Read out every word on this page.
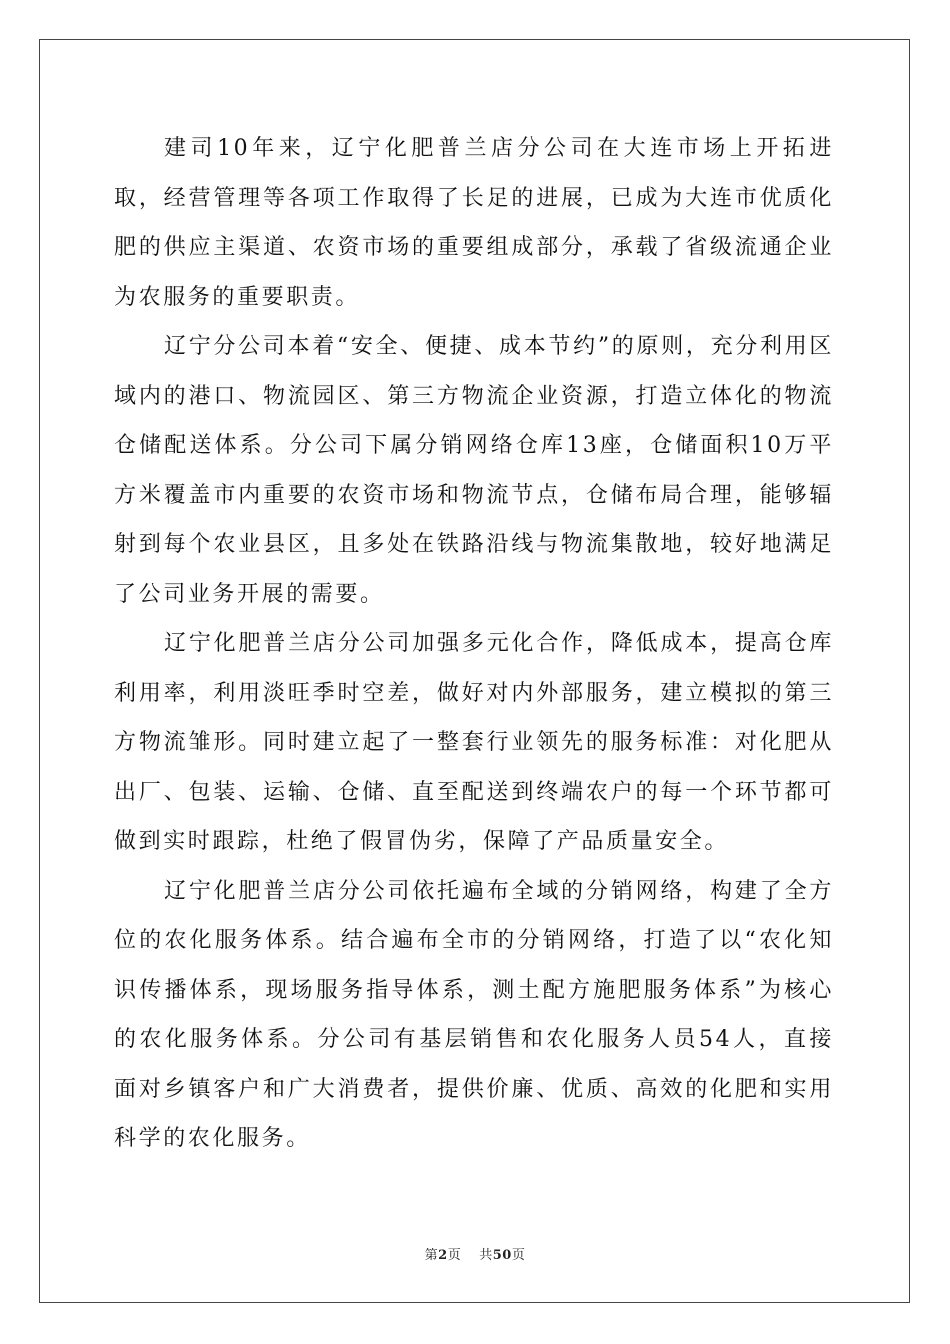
建司10年来，辽宁化肥普兰店分公司在大连市场上开拓进取，经营管理等各项工作取得了长足的进展，已成为大连市优质化肥的供应主渠道、农资市场的重要组成部分，承载了省级流通企业为农服务的重要职责。

辽宁分公司本着“安全、便捷、成本节约”的原则，充分利用区域内的港口、物流园区、第三方物流企业资源，打造立体化的物流仓储配送体系。分公司下属分销网络仓库13座，仓储面积10万平方米覆盖市内重要的农资市场和物流节点，仓储布局合理，能够辐射到每个农业县区，且多处在铁路沿线与物流集散地，较好地满足了公司业务开展的需要。

辽宁化肥普兰店分公司加强多元化合作，降低成本，提高仓库利用率，利用淡旺季时空差，做好对内外部服务，建立模拟的第三方物流雏形。同时建立起了一整套行业领先的服务标准：对化肥从出厂、包装、运输、仓储、直至配送到终端农户的每一个环节都可做到实时跟踪，杜绝了假冒伪劣，保障了产品质量安全。

辽宁化肥普兰店分公司依托遍布全域的分销网络，构建了全方位的农化服务体系。结合遍布全市的分销网络，打造了以“农化知识传播体系，现场服务指导体系，测土配方施肥服务体系”为核心的农化服务体系。分公司有基层销售和农化服务人员54人，直接面对乡镇客户和广大消费者，提供价廉、优质、高效的化肥和实用科学的农化服务。

第2页 共50页
